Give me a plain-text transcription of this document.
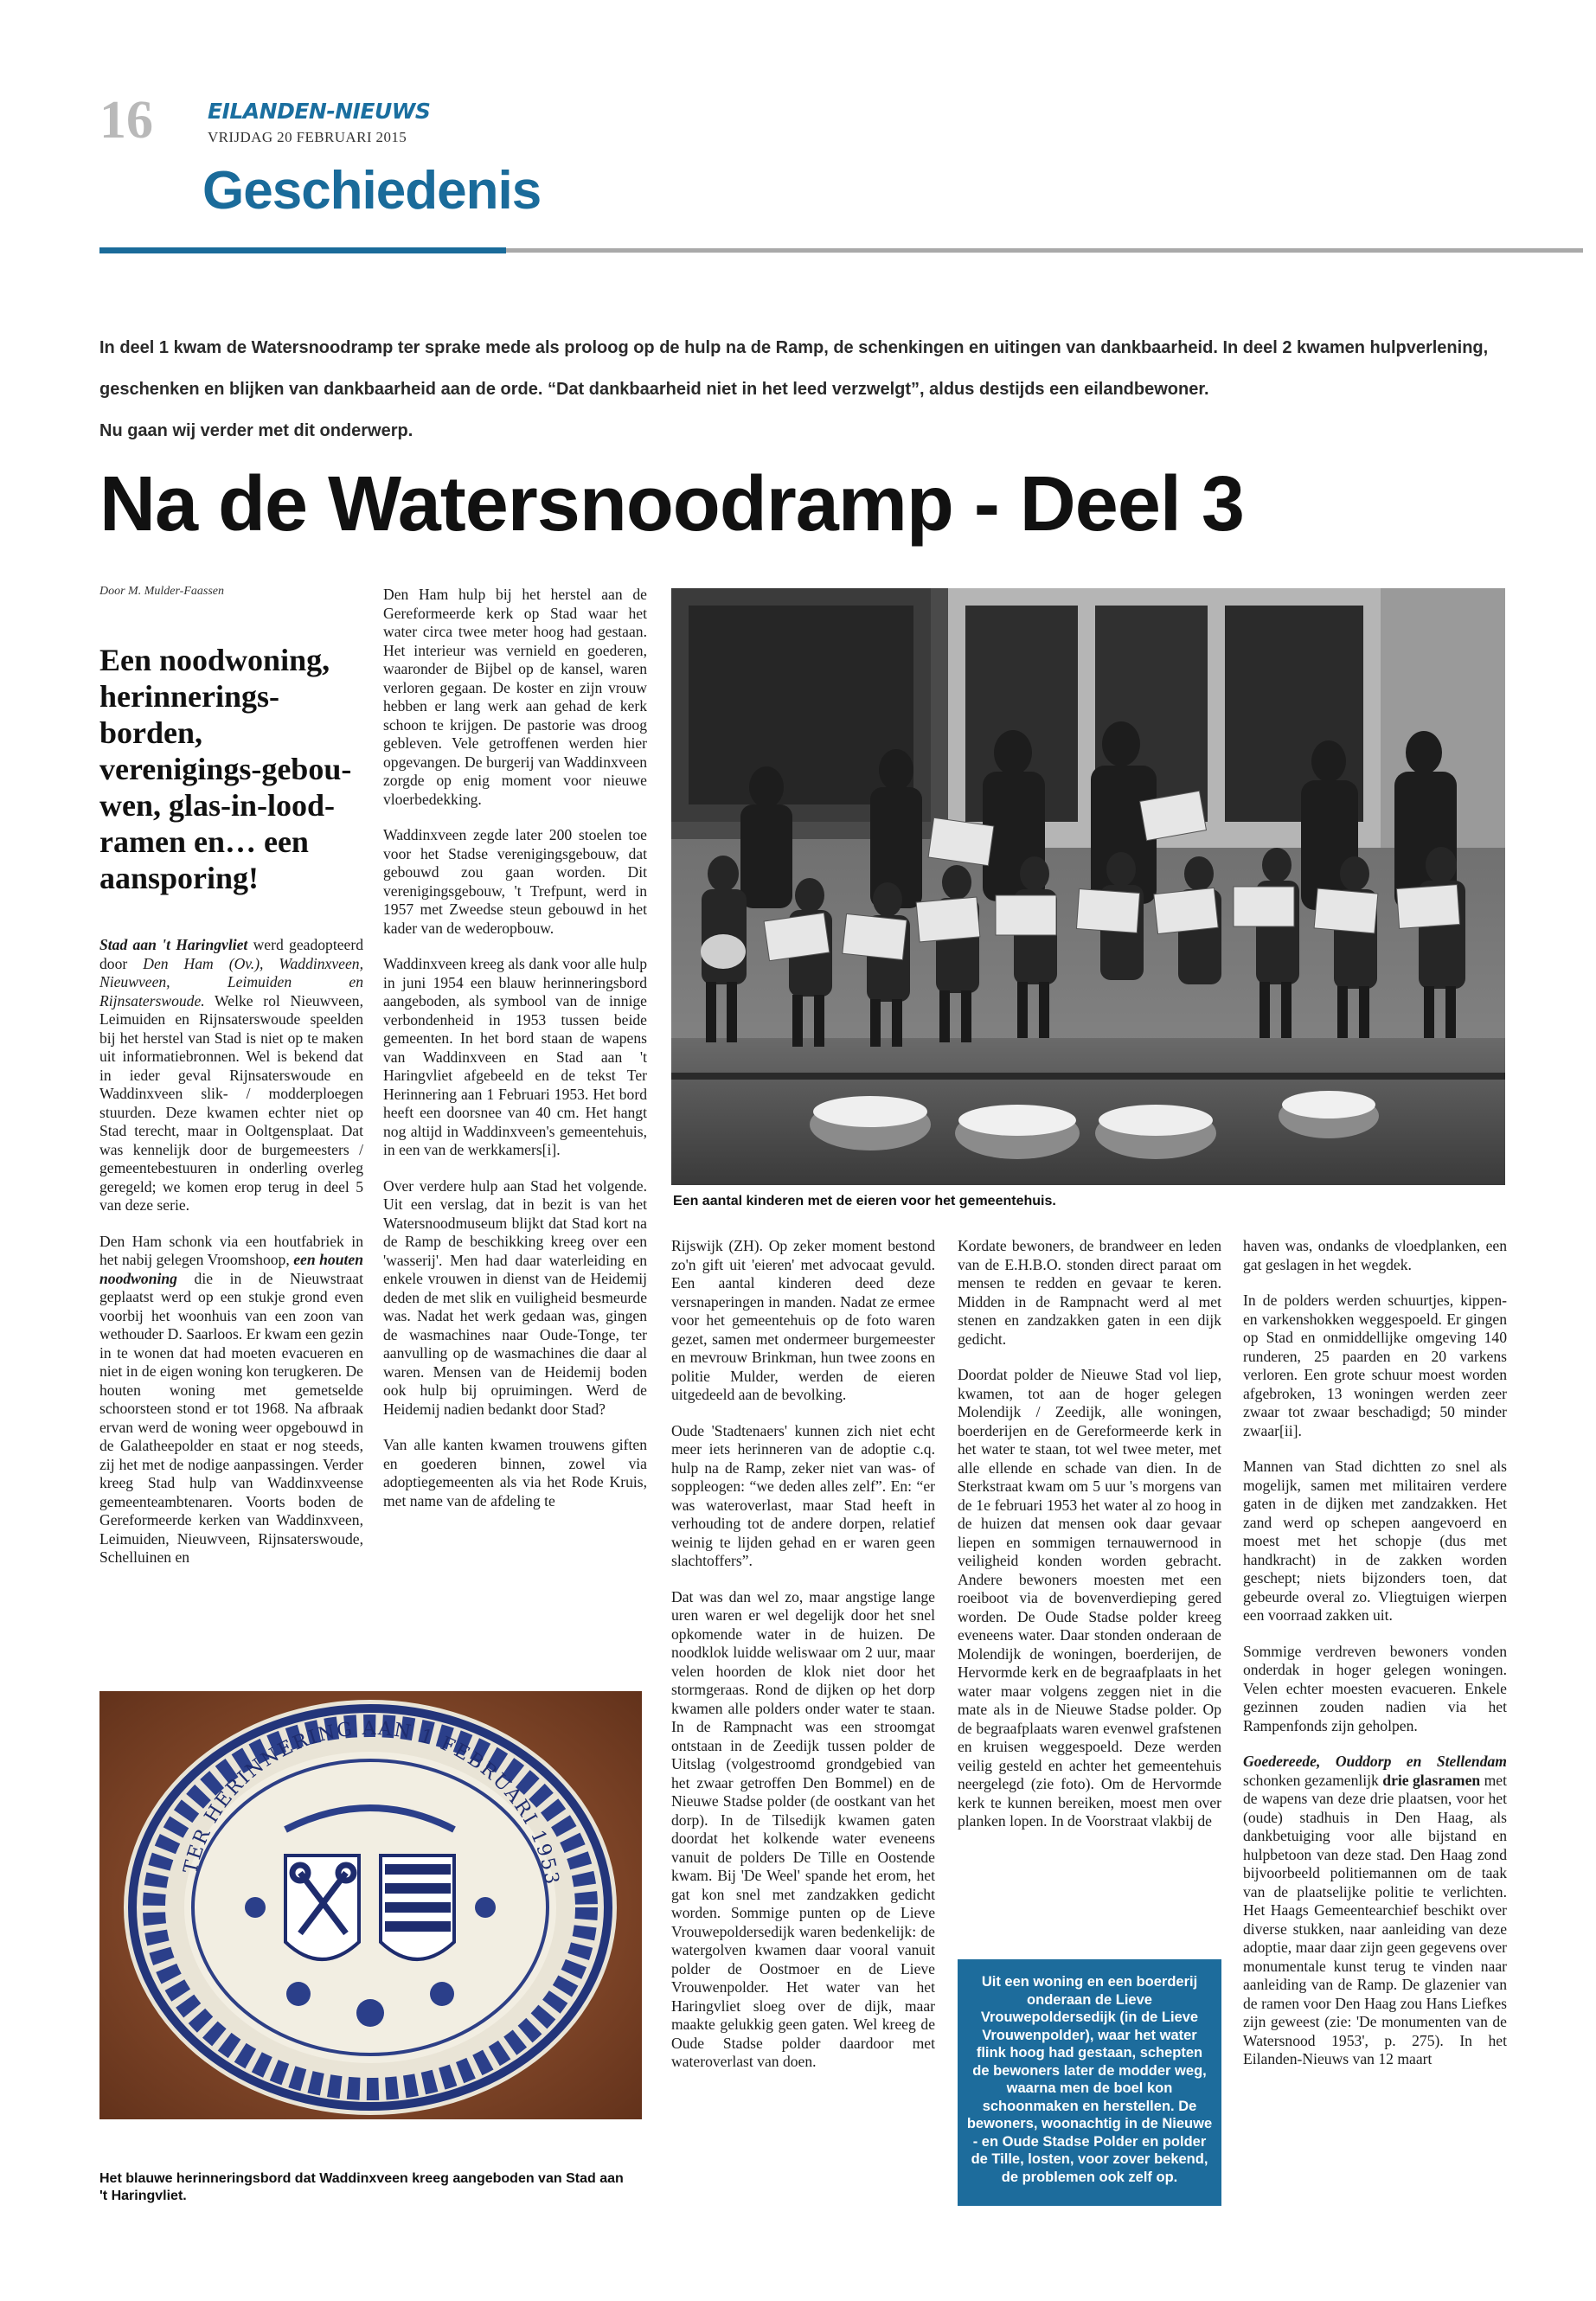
16	EILANDEN-NIEUWS
VRIJDAG 20 FEBRUARI 2015
Geschiedenis

In deel 1 kwam de Watersnoodramp ter sprake mede als proloog op de hulp na de Ramp, de schenkingen en uitingen van dankbaarheid. In deel 2 kwamen hulpverlening, geschenken en blijken van dankbaarheid aan de orde. “Dat dankbaarheid niet in het leed verzwelgt”, aldus destijds een eilandbewoner.

Nu gaan wij verder met dit onderwerp.

Na de Watersnoodramp - Deel 3
Door M. Mulder-Faassen
Een noodwoning, herinnerings-borden, verenigings-gebou-wen, glas-in-lood-ramen en… een aansporing!

Stad aan 't Haringvliet werd geadopteerd door Den Ham (Ov.), Waddinxveen, Nieuwveen, Leimuiden en Rijnsaterswoude. Welke rol Nieuwveen, Leimuiden en Rijnsaterswoude speelden bij het herstel van Stad is niet op te maken uit informatiebronnen. Wel is bekend dat in ieder geval Rijnsaterswoude en Waddinxveen slik- / modderploegen stuurden. Deze kwamen echter niet op Stad terecht, maar in Ooltgensplaat. Dat was kennelijk door de burgemeesters / gemeentebestuuren in onderling overleg geregeld; we komen erop terug in deel 5 van deze serie.

Den Ham schonk via een houtfabriek in het nabij gelegen Vroomshoop, een houten noodwoning die in de Nieuwstraat geplaatst werd op een stukje grond even voorbij het woonhuis van een zoon van wethouder D. Saarloos. Er kwam een gezin in te wonen dat had moeten evacueren en niet in de eigen woning kon terugkeren. De houten woning met gemetselde schoorsteen stond er tot 1968. Na afbraak ervan werd de woning weer opgebouwd in de Galatheepolder en staat er nog steeds, zij het met de nodige aanpassingen. Verder kreeg Stad hulp van Waddinxveense gemeenteambtenaren. Voorts boden de Gereformeerde kerken van Waddinxveen, Leimuiden, Nieuwveen, Rijnsaterswoude, Schelluinen en

Den Ham hulp bij het herstel aan de Gereformeerde kerk op Stad waar het water circa twee meter hoog had gestaan. Het interieur was vernield en goederen, waaronder de Bijbel op de kansel, waren verloren gegaan. De koster en zijn vrouw hebben er lang werk aan gehad de kerk schoon te krijgen. De pastorie was droog gebleven. Vele getroffenen werden hier opgevangen. De burgerij van Waddinxveen zorgde op enig moment voor nieuwe vloerbedekking.

Waddinxveen zegde later 200 stoelen toe voor het Stadse verenigingsgebouw, dat gebouwd zou gaan worden. Dit verenigingsgebouw, 't Trefpunt, werd in 1957 met Zweedse steun gebouwd in het kader van de wederopbouw.

Waddinxveen kreeg als dank voor alle hulp in juni 1954 een blauw herinneringsbord aangeboden, als symbool van de innige verbondenheid in 1953 tussen beide gemeenten. In het bord staan de wapens van Waddinxveen en Stad aan 't Haringvliet afgebeeld en de tekst Ter Herinnering aan 1 Februari 1953. Het bord heeft een doorsnee van 40 cm. Het hangt nog altijd in Waddinxveen's gemeentehuis, in een van de werkkamers[i].

Over verdere hulp aan Stad het volgende. Uit een verslag, dat in bezit is van het Watersnoodmuseum blijkt dat Stad kort na de Ramp de beschikking kreeg over een 'wasserij'. Men had daar waterleiding en enkele vrouwen in dienst van de Heidemij deden de met slik en vuiligheid besmeurde was. Nadat het werk gedaan was, gingen de wasmachines naar Oude-Tonge, ter aanvulling op de wasmachines die daar al waren. Mensen van de Heidemij boden ook hulp bij opruimingen. Werd de Heidemij nadien bedankt door Stad?

Van alle kanten kwamen trouwens giften en goederen binnen, zowel via adoptiegemeenten als via het Rode Kruis, met name van de afdeling te

Een aantal kinderen met de eieren voor het gemeentehuis.

Rijswijk (ZH). Op zeker moment bestond zo'n gift uit 'eieren' met advocaat gevuld. Een aantal kinderen deed deze versnaperingen in manden. Nadat ze ermee voor het gemeentehuis op de foto waren gezet, samen met ondermeer burgemeester en mevrouw Brinkman, hun twee zoons en politie Mulder, werden de eieren uitgedeeld aan de bevolking.

Oude 'Stadtenaers' kunnen zich niet echt meer iets herinneren van de adoptie c.q. hulp na de Ramp, zeker niet van was- of soppleogen: “we deden alles zelf”. En: “er was wateroverlast, maar Stad heeft in verhouding tot de andere dorpen, relatief weinig te lijden gehad en er waren geen slachtoffers”.

Dat was dan wel zo, maar angstige lange uren waren er wel degelijk door het snel opkomende water in de huizen. De noodklok luidde weliswaar om 2 uur, maar velen hoorden de klok niet door het stormgeraas. Rond de dijken op het dorp kwamen alle polders onder water te staan. In de Rampnacht was een stroomgat ontstaan in de Zeedijk tussen polder de Uitslag (volgestroomd grondgebied van het zwaar getroffen Den Bommel) en de Nieuwe Stadse polder (de oostkant van het dorp). In de Tilsedijk kwamen gaten doordat het kolkende water eveneens vanuit de polders De Tille en Oostende kwam. Bij 'De Weel' spande het erom, het gat kon snel met zandzakken gedicht worden. Sommige punten op de Lieve Vrouwepoldersedijk waren bedenkelijk: de watergolven kwamen daar vooral vanuit polder de Oostmoer en de Lieve Vrouwenpolder. Het water van het Haringvliet sloeg over de dijk, maar maakte gelukkig geen gaten. Wel kreeg de Oude Stadse polder daardoor met wateroverlast van doen.

Kordate bewoners, de brandweer en leden van de E.H.B.O. stonden direct paraat om mensen te redden en gevaar te keren. Midden in de Rampnacht werd al met stenen en zandzakken gaten in een dijk gedicht.

Doordat polder de Nieuwe Stad vol liep, kwamen, tot aan de hoger gelegen Molendijk / Zeedijk, alle woningen, boerderijen en de Gereformeerde kerk in het water te staan, tot wel twee meter, met alle ellende en schade van dien. In de Sterkstraat kwam om 5 uur 's morgens van de 1e februari 1953 het water al zo hoog in de huizen dat mensen ook daar gevaar liepen en sommigen ternauwernood in veiligheid konden worden gebracht. Andere bewoners moesten met een roeiboot via de bovenverdieping gered worden. De Oude Stadse polder kreeg eveneens water. Daar stonden onderaan de Molendijk de woningen, boerderijen, de Hervormde kerk en de begraafplaats in het water maar volgens zeggen niet in die mate als in de Nieuwe Stadse polder. Op de begraafplaats waren evenwel grafstenen en kruisen weggespoeld. Deze werden veilig gesteld en achter het gemeentehuis neergelegd (zie foto). Om de Hervormde kerk te kunnen bereiken, moest men over planken lopen. In de Voorstraat vlakbij de

Uit een woning en een boerderij onderaan de Lieve Vrouwepoldersedijk (in de Lieve Vrouwenpolder), waar het water flink hoog had gestaan, schepten de bewoners later de modder weg, waarna men de boel kon schoonmaken en herstellen. De bewoners, woonachtig in de Nieuwe - en Oude Stadse Polder en polder de Tille, losten, voor zover bekend, de problemen ook zelf op.

haven was, ondanks de vloedplanken, een gat geslagen in het wegdek.

In de polders werden schuurtjes, kippen- en varkenshokken weggespoeld. Er gingen op Stad en onmiddellijke omgeving 140 runderen, 25 paarden en 20 varkens verloren. Een grote schuur moest worden afgebroken, 13 woningen werden zeer zwaar tot zwaar beschadigd; 50 minder zwaar[ii].

Mannen van Stad dichtten zo snel als mogelijk, samen met militairen verdere gaten in de dijken met zandzakken. Het zand werd op schepen aangevoerd en moest met het schopje (dus met handkracht) in de zakken worden geschept; niets bijzonders toen, dat gebeurde overal zo. Vliegtuigen wierpen een voorraad zakken uit.

Sommige verdreven bewoners vonden onderdak in hoger gelegen woningen. Velen echter moesten evacueren. Enkele gezinnen zouden nadien via het Rampenfonds zijn geholpen.

Goedereede, Ouddorp en Stellendam schonken gezamenlijk drie glasramen met de wapens van deze drie plaatsen, voor het (oude) stadhuis in Den Haag, als dankbetuiging voor alle bijstand en hulpbetoon van deze stad. Den Haag zond bijvoorbeeld politiemannen om de taak van de plaatselijke politie te verlichten. Het Haags Gemeentearchief beschikt over diverse stukken, naar aanleiding van deze adoptie, maar daar zijn geen gegevens over monumentale kunst terug te vinden naar aanleiding van de Ramp. De glazenier van de ramen voor Den Haag zou Hans Liefkes zijn geweest (zie: 'De monumenten van de Watersnood 1953', p. 275). In het Eilanden-Nieuws van 12 maart

TER HERINNERING AAN 1 FEBRUARI 1953
Het blauwe herinneringsbord dat Waddinxveen kreeg aangeboden van Stad aan 't Haringvliet.
